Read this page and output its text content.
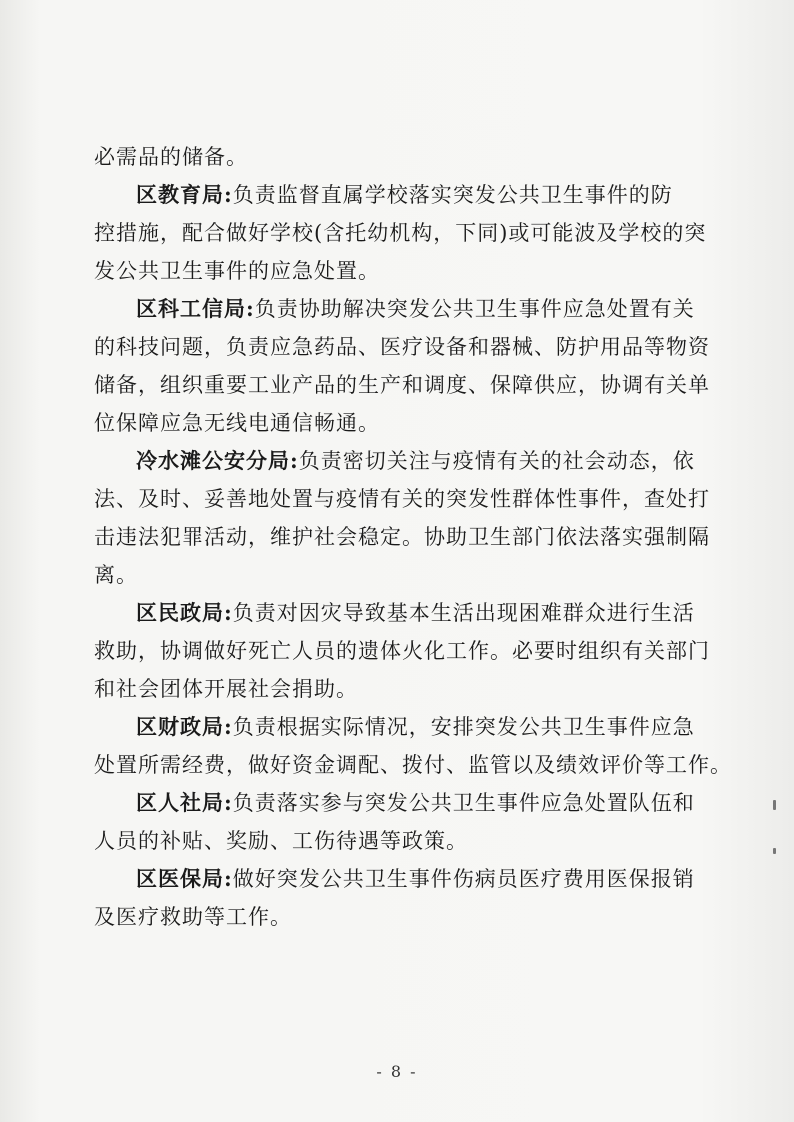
必需品的储备。
区教育局:负责监督直属学校落实突发公共卫生事件的防
控措施，配合做好学校(含托幼机构，下同)或可能波及学校的突
发公共卫生事件的应急处置。
区科工信局:负责协助解决突发公共卫生事件应急处置有关
的科技问题，负责应急药品、医疗设备和器械、防护用品等物资
储备，组织重要工业产品的生产和调度、保障供应，协调有关单
位保障应急无线电通信畅通。
冷水滩公安分局:负责密切关注与疫情有关的社会动态，依
法、及时、妥善地处置与疫情有关的突发性群体性事件，查处打
击违法犯罪活动，维护社会稳定。协助卫生部门依法落实强制隔
离。
区民政局:负责对因灾导致基本生活出现困难群众进行生活
救助，协调做好死亡人员的遗体火化工作。必要时组织有关部门
和社会团体开展社会捐助。
区财政局:负责根据实际情况，安排突发公共卫生事件应急
处置所需经费，做好资金调配、拨付、监管以及绩效评价等工作。
区人社局:负责落实参与突发公共卫生事件应急处置队伍和
人员的补贴、奖励、工伤待遇等政策。
区医保局:做好突发公共卫生事件伤病员医疗费用医保报销
及医疗救助等工作。
- 8 -
